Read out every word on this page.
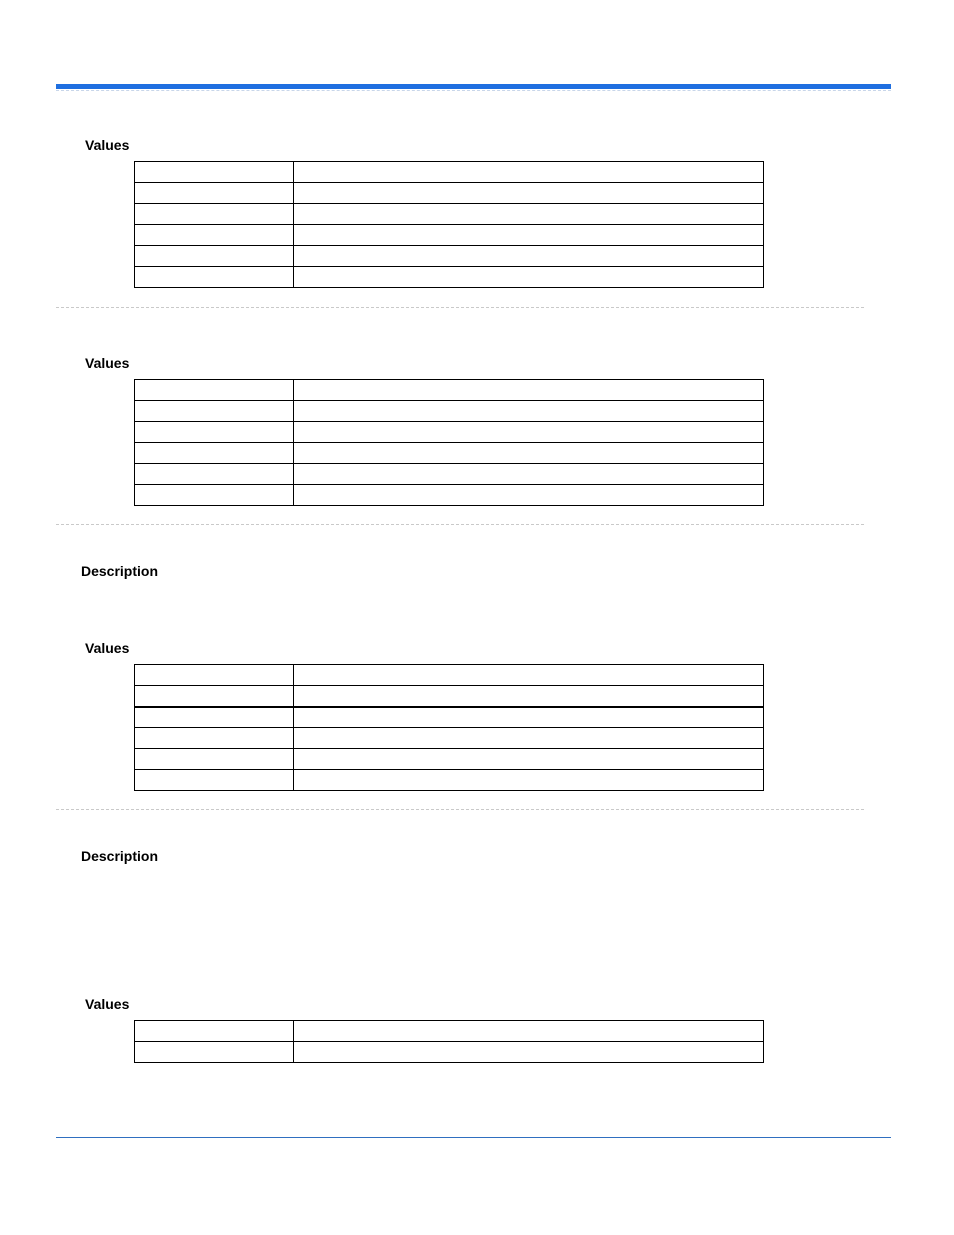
Values

Values

Description
Values

Description
Values
